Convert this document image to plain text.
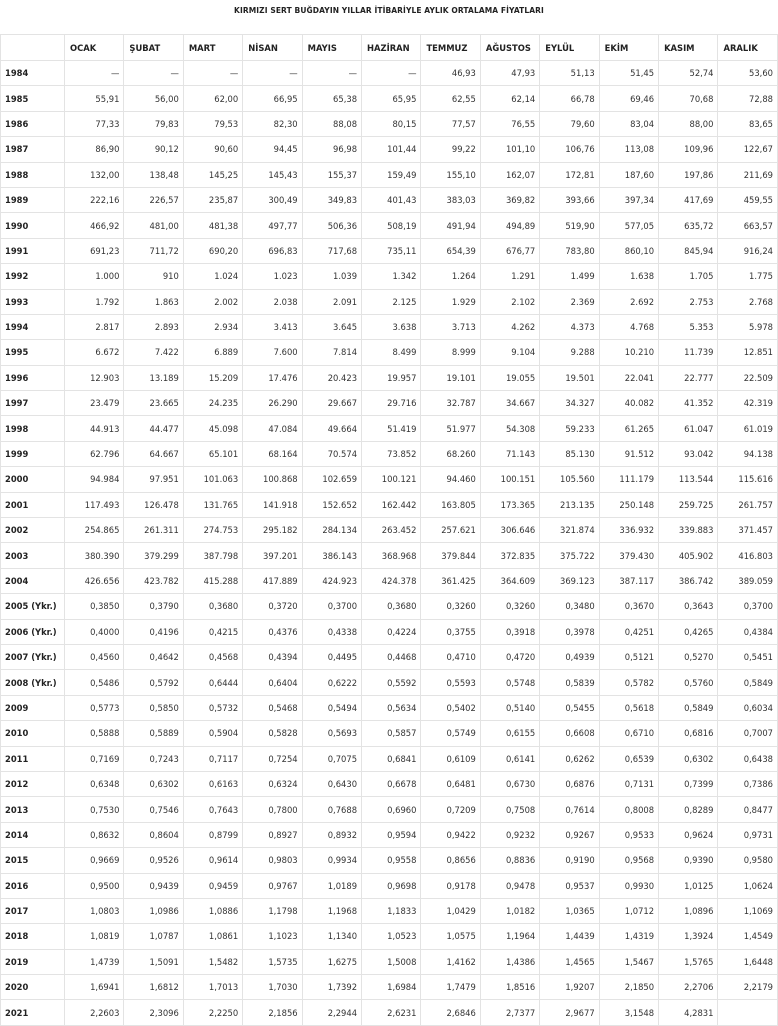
KIRMIZI SERT BUĞDAYIN YILLAR İTİBARİYLE AYLIK ORTALAMA FİYATLARI
	OCAK	ŞUBAT	MART	NİSAN	MAYIS	HAZİRAN	TEMMUZ	AĞUSTOS	EYLÜL	EKİM	KASIM	ARALIK
1984	—	—	—	—	—	—	46,93	47,93	51,13	51,45	52,74	53,60
1985	55,91	56,00	62,00	66,95	65,38	65,95	62,55	62,14	66,78	69,46	70,68	72,88
1986	77,33	79,83	79,53	82,30	88,08	80,15	77,57	76,55	79,60	83,04	88,00	83,65
1987	86,90	90,12	90,60	94,45	96,98	101,44	99,22	101,10	106,76	113,08	109,96	122,67
1988	132,00	138,48	145,25	145,43	155,37	159,49	155,10	162,07	172,81	187,60	197,86	211,69
1989	222,16	226,57	235,87	300,49	349,83	401,43	383,03	369,82	393,66	397,34	417,69	459,55
1990	466,92	481,00	481,38	497,77	506,36	508,19	491,94	494,89	519,90	577,05	635,72	663,57
1991	691,23	711,72	690,20	696,83	717,68	735,11	654,39	676,77	783,80	860,10	845,94	916,24
1992	1.000	910	1.024	1.023	1.039	1.342	1.264	1.291	1.499	1.638	1.705	1.775
1993	1.792	1.863	2.002	2.038	2.091	2.125	1.929	2.102	2.369	2.692	2.753	2.768
1994	2.817	2.893	2.934	3.413	3.645	3.638	3.713	4.262	4.373	4.768	5.353	5.978
1995	6.672	7.422	6.889	7.600	7.814	8.499	8.999	9.104	9.288	10.210	11.739	12.851
1996	12.903	13.189	15.209	17.476	20.423	19.957	19.101	19.055	19.501	22.041	22.777	22.509
1997	23.479	23.665	24.235	26.290	29.667	29.716	32.787	34.667	34.327	40.082	41.352	42.319
1998	44.913	44.477	45.098	47.084	49.664	51.419	51.977	54.308	59.233	61.265	61.047	61.019
1999	62.796	64.667	65.101	68.164	70.574	73.852	68.260	71.143	85.130	91.512	93.042	94.138
2000	94.984	97.951	101.063	100.868	102.659	100.121	94.460	100.151	105.560	111.179	113.544	115.616
2001	117.493	126.478	131.765	141.918	152.652	162.442	163.805	173.365	213.135	250.148	259.725	261.757
2002	254.865	261.311	274.753	295.182	284.134	263.452	257.621	306.646	321.874	336.932	339.883	371.457
2003	380.390	379.299	387.798	397.201	386.143	368.968	379.844	372.835	375.722	379.430	405.902	416.803
2004	426.656	423.782	415.288	417.889	424.923	424.378	361.425	364.609	369.123	387.117	386.742	389.059
2005 (Ykr.)	0,3850	0,3790	0,3680	0,3720	0,3700	0,3680	0,3260	0,3260	0,3480	0,3670	0,3643	0,3700
2006 (Ykr.)	0,4000	0,4196	0,4215	0,4376	0,4338	0,4224	0,3755	0,3918	0,3978	0,4251	0,4265	0,4384
2007 (Ykr.)	0,4560	0,4642	0,4568	0,4394	0,4495	0,4468	0,4710	0,4720	0,4939	0,5121	0,5270	0,5451
2008 (Ykr.)	0,5486	0,5792	0,6444	0,6404	0,6222	0,5592	0,5593	0,5748	0,5839	0,5782	0,5760	0,5849
2009	0,5773	0,5850	0,5732	0,5468	0,5494	0,5634	0,5402	0,5140	0,5455	0,5618	0,5849	0,6034
2010	0,5888	0,5889	0,5904	0,5828	0,5693	0,5857	0,5749	0,6155	0,6608	0,6710	0,6816	0,7007
2011	0,7169	0,7243	0,7117	0,7254	0,7075	0,6841	0,6109	0,6141	0,6262	0,6539	0,6302	0,6438
2012	0,6348	0,6302	0,6163	0,6324	0,6430	0,6678	0,6481	0,6730	0,6876	0,7131	0,7399	0,7386
2013	0,7530	0,7546	0,7643	0,7800	0,7688	0,6960	0,7209	0,7508	0,7614	0,8008	0,8289	0,8477
2014	0,8632	0,8604	0,8799	0,8927	0,8932	0,9594	0,9422	0,9232	0,9267	0,9533	0,9624	0,9731
2015	0,9669	0,9526	0,9614	0,9803	0,9934	0,9558	0,8656	0,8836	0,9190	0,9568	0,9390	0,9580
2016	0,9500	0,9439	0,9459	0,9767	1,0189	0,9698	0,9178	0,9478	0,9537	0,9930	1,0125	1,0624
2017	1,0803	1,0986	1,0886	1,1798	1,1968	1,1833	1,0429	1,0182	1,0365	1,0712	1,0896	1,1069
2018	1,0819	1,0787	1,0861	1,1023	1,1340	1,0523	1,0575	1,1964	1,4439	1,4319	1,3924	1,4549
2019	1,4739	1,5091	1,5482	1,5735	1,6275	1,5008	1,4162	1,4386	1,4565	1,5467	1,5765	1,6448
2020	1,6941	1,6812	1,7013	1,7030	1,7392	1,6984	1,7479	1,8516	1,9207	2,1850	2,2706	2,2179
2021	2,2603	2,3096	2,2250	2,1856	2,2944	2,6231	2,6846	2,7377	2,9677	3,1548	4,2831	
